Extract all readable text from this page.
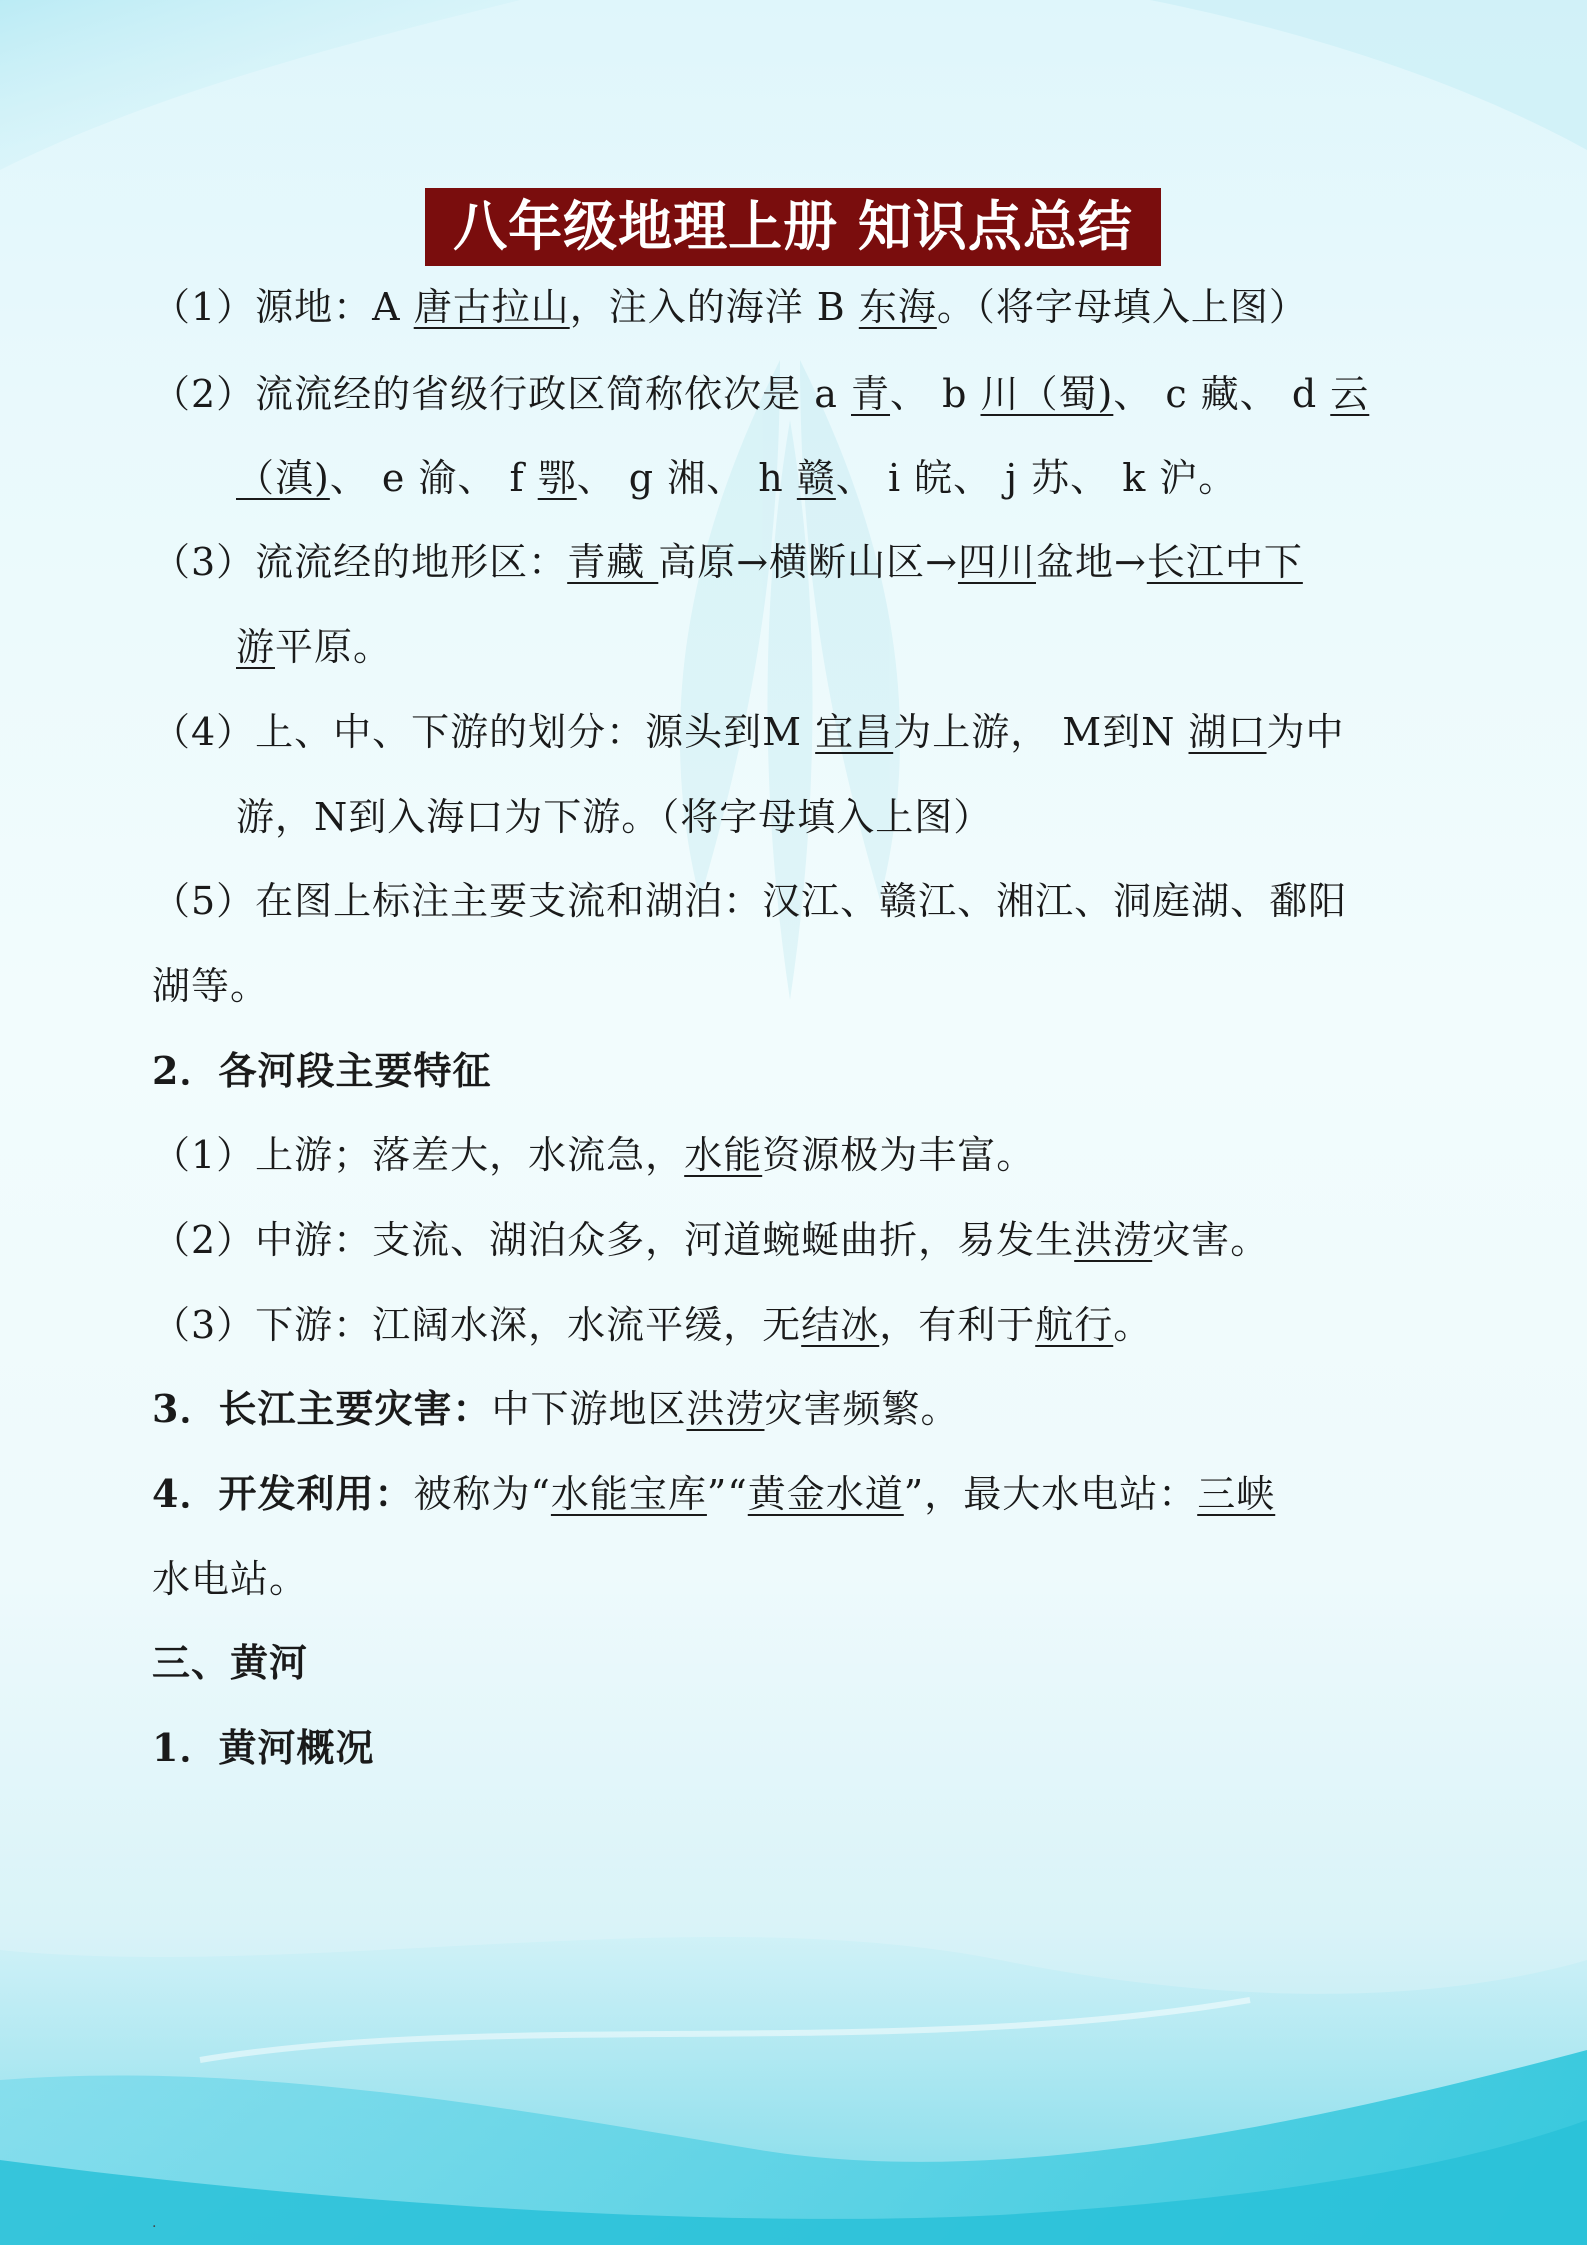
八年级地理上册 知识点总结
（1）源地：A 唐古拉山，注入的海洋 B 东海。（将字母填入上图）
（2）流流经的省级行政区简称依次是 a 青、 b 川（蜀)、 c 藏、 d 云
（滇)、 e 渝、 f 鄂、 g 湘、 h 赣、 i 皖、 j 苏、 k 沪。
（3）流流经的地形区：青藏 高原→横断山区→四川盆地→长江中下
游平原。
（4）上、中、下游的划分：源头到M 宜昌为上游， M到N 湖口为中
游，N到入海口为下游。（将字母填入上图）
（5）在图上标注主要支流和湖泊：汉江、赣江、湘江、洞庭湖、鄱阳
湖等。
2．各河段主要特征
（1）上游；落差大，水流急，水能资源极为丰富。
（2）中游：支流、湖泊众多，河道蜿蜒曲折，易发生洪涝灾害。
（3）下游：江阔水深，水流平缓，无结冰，有利于航行。
3．长江主要灾害：中下游地区洪涝灾害频繁。
4．开发利用：被称为“水能宝库”“黄金水道”，最大水电站：三峡
水电站。
三、黄河
1．黄河概况
.
